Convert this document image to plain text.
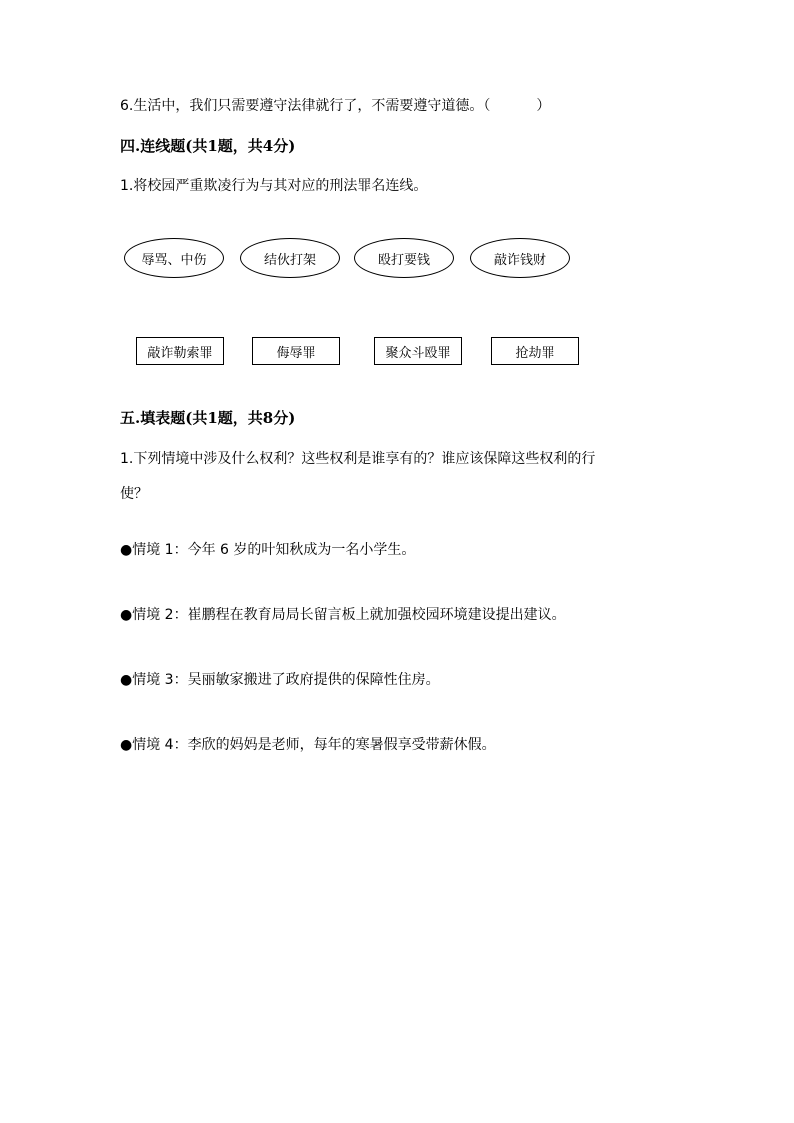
6.生活中，我们只需要遵守法律就行了，不需要遵守道德。（	）
四.连线题(共1题，共4分)
1.将校园严重欺凌行为与其对应的刑法罪名连线。
辱骂、中伤	结伙打架	殴打要钱	敲诈钱财
敲诈勒索罪	侮辱罪	聚众斗殴罪	抢劫罪
五.填表题(共1题，共8分)
1.下列情境中涉及什么权利？这些权利是谁享有的？谁应该保障这些权利的行
使？
●情境 1：今年 6 岁的叶知秋成为一名小学生。
●情境 2：崔鹏程在教育局局长留言板上就加强校园环境建设提出建议。
●情境 3：吴丽敏家搬进了政府提供的保障性住房。
●情境 4：李欣的妈妈是老师，每年的寒暑假享受带薪休假。
